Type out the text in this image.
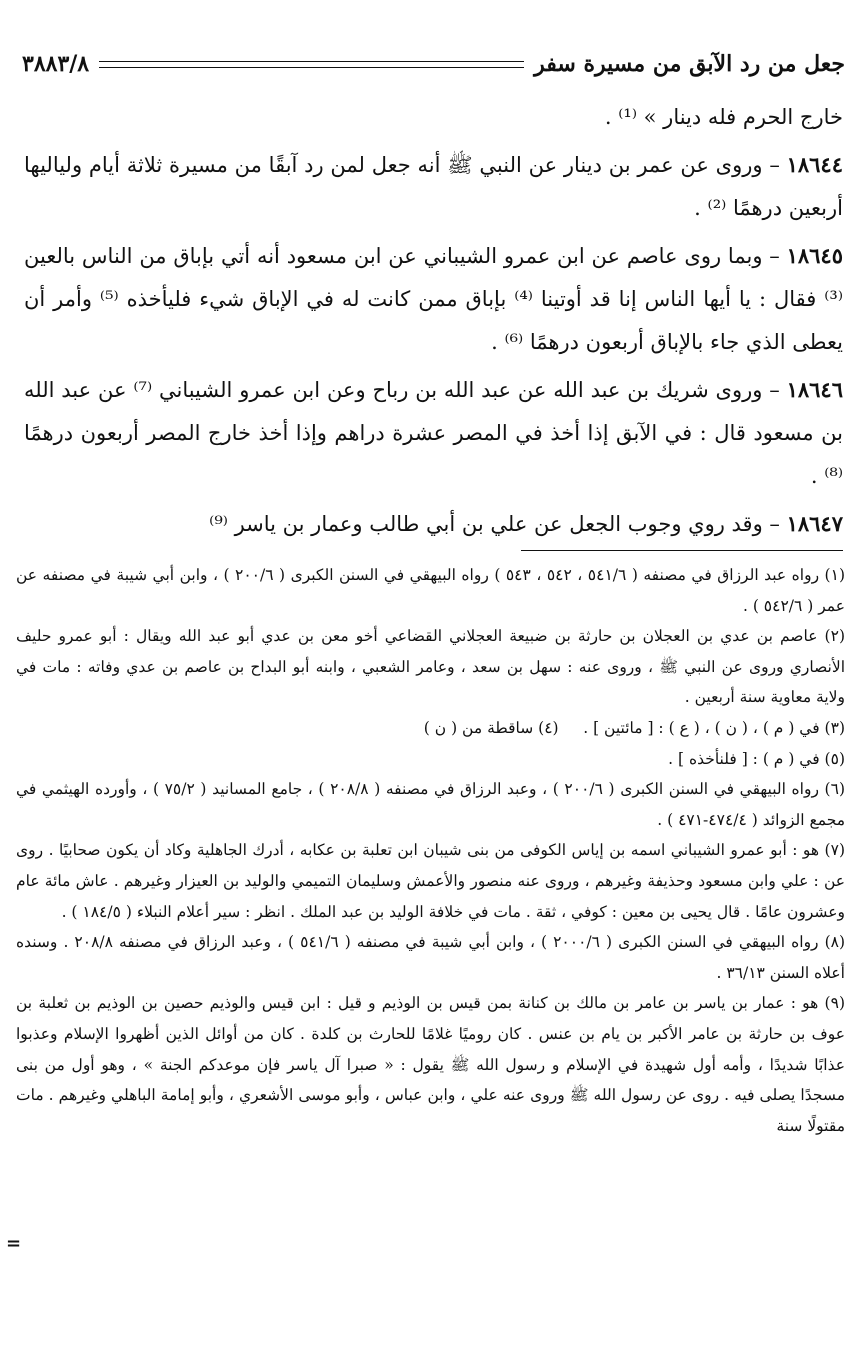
جعل من رد الآبق من مسيرة سفر
٣٨٨٣/٨

خارج الحرم فله دينار » ⁽¹⁾ .

١٨٦٤٤ – وروى عن عمر بن دينار عن النبي ﷺ أنه جعل لمن رد آبقًا من مسيرة ثلاثة أيام ولياليها أربعين درهمًا ⁽²⁾ .

١٨٦٤٥ – وبما روى عاصم عن ابن عمرو الشيباني عن ابن مسعود أنه أتي بإباق من الناس بالعين ⁽³⁾ فقال : يا أيها الناس إنا قد أوتينا ⁽⁴⁾ بإباق ممن كانت له في الإباق شيء فليأخذه ⁽⁵⁾ وأمر أن يعطى الذي جاء بالإباق أربعون درهمًا ⁽⁶⁾ .

١٨٦٤٦ – وروى شريك بن عبد الله عن عبد الله بن رباح وعن ابن عمرو الشيباني ⁽⁷⁾ عن عبد الله بن مسعود قال : في الآبق إذا أخذ في المصر عشرة دراهم وإذا أخذ خارج المصر أربعون درهمًا ⁽⁸⁾ .

١٨٦٤٧ – وقد روي وجوب الجعل عن علي بن أبي طالب وعمار بن ياسر ⁽⁹⁾

(١) رواه عبد الرزاق في مصنفه ( ٥٤١/٦ ، ٥٤٢ ، ٥٤٣ ) رواه البيهقي في السنن الكبرى ( ٢٠٠/٦ ) ، وابن أبي شيبة في مصنفه عن عمر ( ٥٤٢/٦ ) .

(٢) عاصم بن عدي بن العجلان بن حارثة بن ضبيعة العجلاني القضاعي أخو معن بن عدي أبو عبد الله ويقال : أبو عمرو حليف الأنصاري وروى عن النبي ﷺ ، وروى عنه : سهل بن سعد ، وعامر الشعبي ، وابنه أبو البداح بن عاصم بن عدي وفاته : مات في ولاية معاوية سنة أربعين .

(٣) في ( م ) ، ( ن ) ، ( ع ) : [ مائتين ] .     (٤) ساقطة من ( ن )

(٥) في ( م ) : [ فلنأخذه ] .

(٦) رواه البيهقي في السنن الكبرى ( ٢٠٠/٦ ) ، وعبد الرزاق في مصنفه ( ٢٠٨/٨ ) ، جامع المسانيد ( ٧٥/٢ ) ، وأورده الهيثمي في مجمع الزوائد ( ٤٧٤/٤-٤٧١ ) .

(٧) هو : أبو عمرو الشيباني اسمه بن إياس الكوفى من بنى شيبان ابن تعلبة بن عكابه ، أدرك الجاهلية وكاد أن يكون صحابيًا . روى عن : علي وابن مسعود وحذيفة وغيرهم ، وروى عنه منصور والأعمش وسليمان التميمي والوليد بن العيزار وغيرهم . عاش مائة عام وعشرون عامًا . قال يحيى بن معين : كوفي ، ثقة . مات في خلافة الوليد بن عبد الملك . انظر : سير أعلام النبلاء ( ١٨٤/٥ ) .

(٨) رواه البيهقي في السنن الكبرى ( ٢٠٠٠/٦ ) ، وابن أبي شيبة في مصنفه ( ٥٤١/٦ ) ، وعبد الرزاق في مصنفه ٢٠٨/٨ . وسنده أعلاه السنن ٣٦/١٣ .

(٩) هو : عمار بن ياسر بن عامر بن مالك بن كنانة بمن قيس بن الوذيم و قيل : ابن قيس والوذيم حصين بن الوذيم بن ثعلبة بن عوف بن حارثة بن عامر الأكبر بن يام بن عنس . كان روميًا غلامًا للحارث بن كلدة . كان من أوائل الذين أظهروا الإسلام وعذبوا عذابًا شديدًا ، وأمه أول شهيدة في الإسلام و رسول الله ﷺ يقول : « صبرا آل ياسر فإن موعدكم الجنة » ، وهو أول من بنى مسجدًا يصلى فيه . روى عن رسول الله ﷺ وروى عنه علي ، وابن عباس ، وأبو موسى الأشعري ، وأبو إمامة الباهلي وغيرهم . مات مقتولًا سنة

=
